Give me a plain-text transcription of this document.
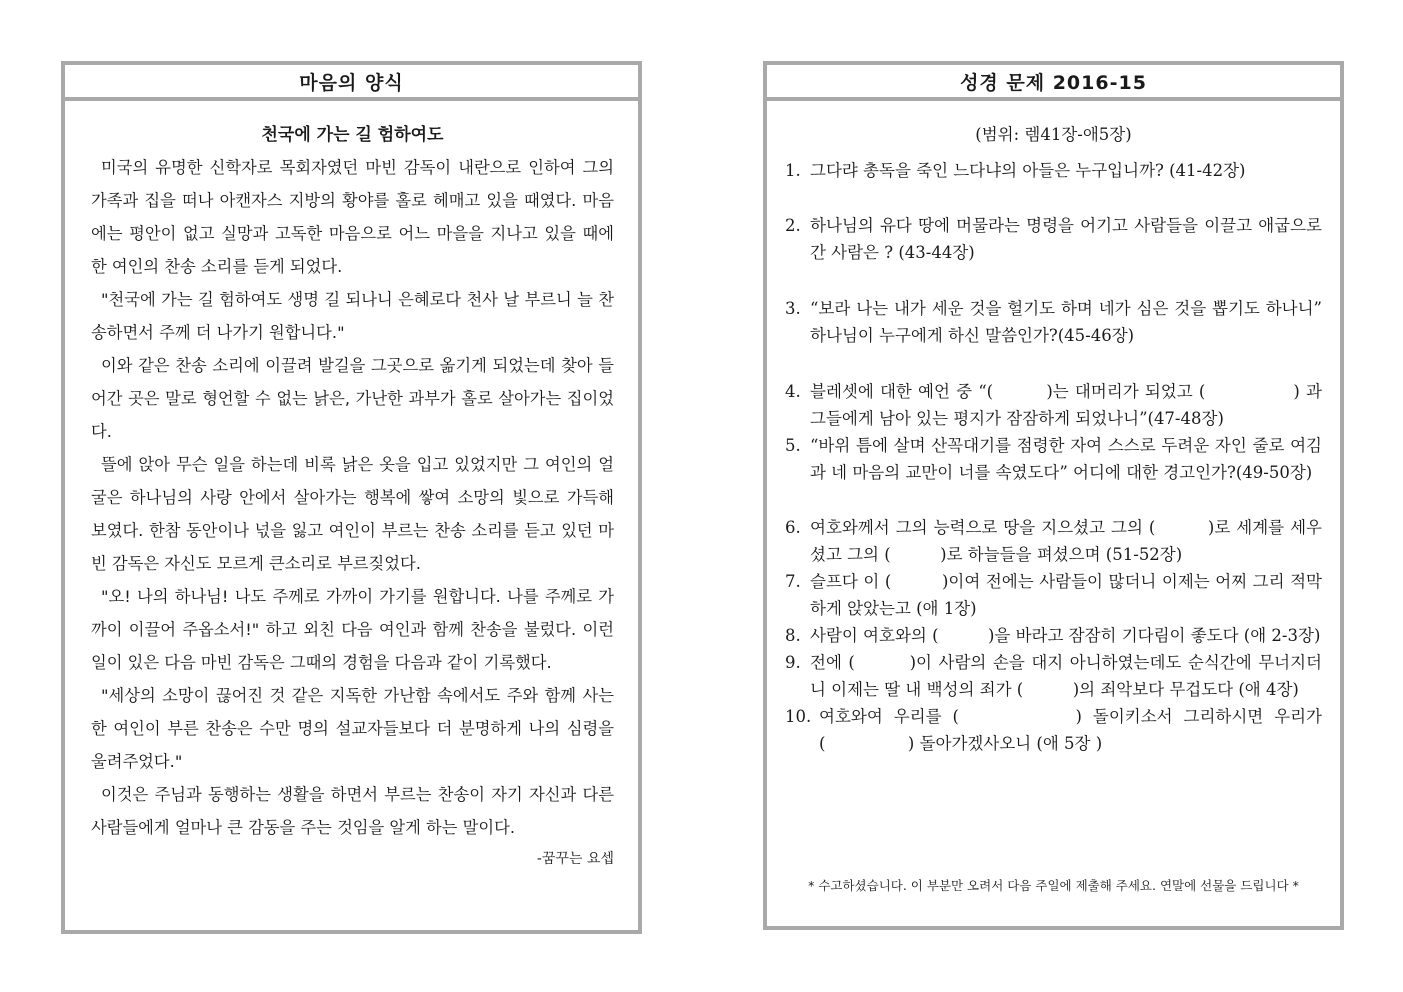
마음의 양식
천국에 가는 길 험하여도

미국의 유명한 신학자로 목회자였던 마빈 감독이 내란으로 인하여 그의 가족과 집을 떠나 아캔자스 지방의 황야를 홀로 헤매고 있을 때였다. 마음에는 평안이 없고 실망과 고독한 마음으로 어느 마을을 지나고 있을 때에 한 여인의 찬송 소리를 듣게 되었다.

"천국에 가는 길 험하여도 생명 길 되나니 은혜로다 천사 날 부르니 늘 찬송하면서 주께 더 나가기 원합니다."

이와 같은 찬송 소리에 이끌려 발길을 그곳으로 옮기게 되었는데 찾아 들어간 곳은 말로 형언할 수 없는 낡은, 가난한 과부가 홀로 살아가는 집이었다.

뜰에 앉아 무슨 일을 하는데 비록 낡은 옷을 입고 있었지만 그 여인의 얼굴은 하나님의 사랑 안에서 살아가는 행복에 쌓여 소망의 빛으로 가득해 보였다. 한참 동안이나 넋을 잃고 여인이 부르는 찬송 소리를 듣고 있던 마빈 감독은 자신도 모르게 큰소리로 부르짖었다.

"오! 나의 하나님! 나도 주께로 가까이 가기를 원합니다. 나를 주께로 가까이 이끌어 주옵소서!" 하고 외친 다음 여인과 함께 찬송을 불렀다. 이런 일이 있은 다음 마빈 감독은 그때의 경험을 다음과 같이 기록했다.

"세상의 소망이 끊어진 것 같은 지독한 가난함 속에서도 주와 함께 사는 한 여인이 부른 찬송은 수만 명의 설교자들보다 더 분명하게 나의 심령을 울려주었다."

이것은 주님과 동행하는 생활을 하면서 부르는 찬송이 자기 자신과 다른 사람들에게 얼마나 큰 감동을 주는 것임을 알게 하는 말이다.

-꿈꾸는 요셉
성경 문제 2016-15
(범위: 렘41장-애5장)
1. 그다랴 총독을 죽인 느다냐의 아들은 누구입니까? (41-42장)
2. 하나님의 유다 땅에 머물라는 명령을 어기고 사람들을 이끌고 애굽으로 간 사람은 ? (43-44장)
3. “보라 나는 내가 세운 것을 헐기도 하며 네가 심은 것을 뽑기도 하나니” 하나님이 누구에게 하신 말씀인가?(45-46장)
4. 블레셋에 대한 예언 중 “(　　　)는 대머리가 되었고 (　　　　　) 과 그들에게 남아 있는 평지가 잠잠하게 되었나니”(47-48장)
5. “바위 틈에 살며 산꼭대기를 점령한 자여 스스로 두려운 자인 줄로 여김과 네 마음의 교만이 너를 속였도다” 어디에 대한 경고인가?(49-50장)
6. 여호와께서 그의 능력으로 땅을 지으셨고 그의 (　　　)로 세계를 세우셨고 그의 (　　　)로 하늘들을 펴셨으며 (51-52장)
7. 슬프다 이 (　　　)이여 전에는 사람들이 많더니 이제는 어찌 그리 적막하게 앉았는고 (애 1장)
8. 사람이 여호와의 (　　　)을 바라고 잠잠히 기다림이 좋도다 (애 2-3장)
9. 전에 (　　　)이 사람의 손을 대지 아니하였는데도 순식간에 무너지더니 이제는 딸 내 백성의 죄가 (　　　)의 죄악보다 무겁도다 (애 4장)
10. 여호와여 우리를 (　　　　　) 돌이키소서 그리하시면 우리가 (　　　　　) 돌아가겠사오니 (애 5장 )
* 수고하셨습니다. 이 부분만 오려서 다음 주일에 제출해 주세요. 연말에 선물을 드립니다 *
